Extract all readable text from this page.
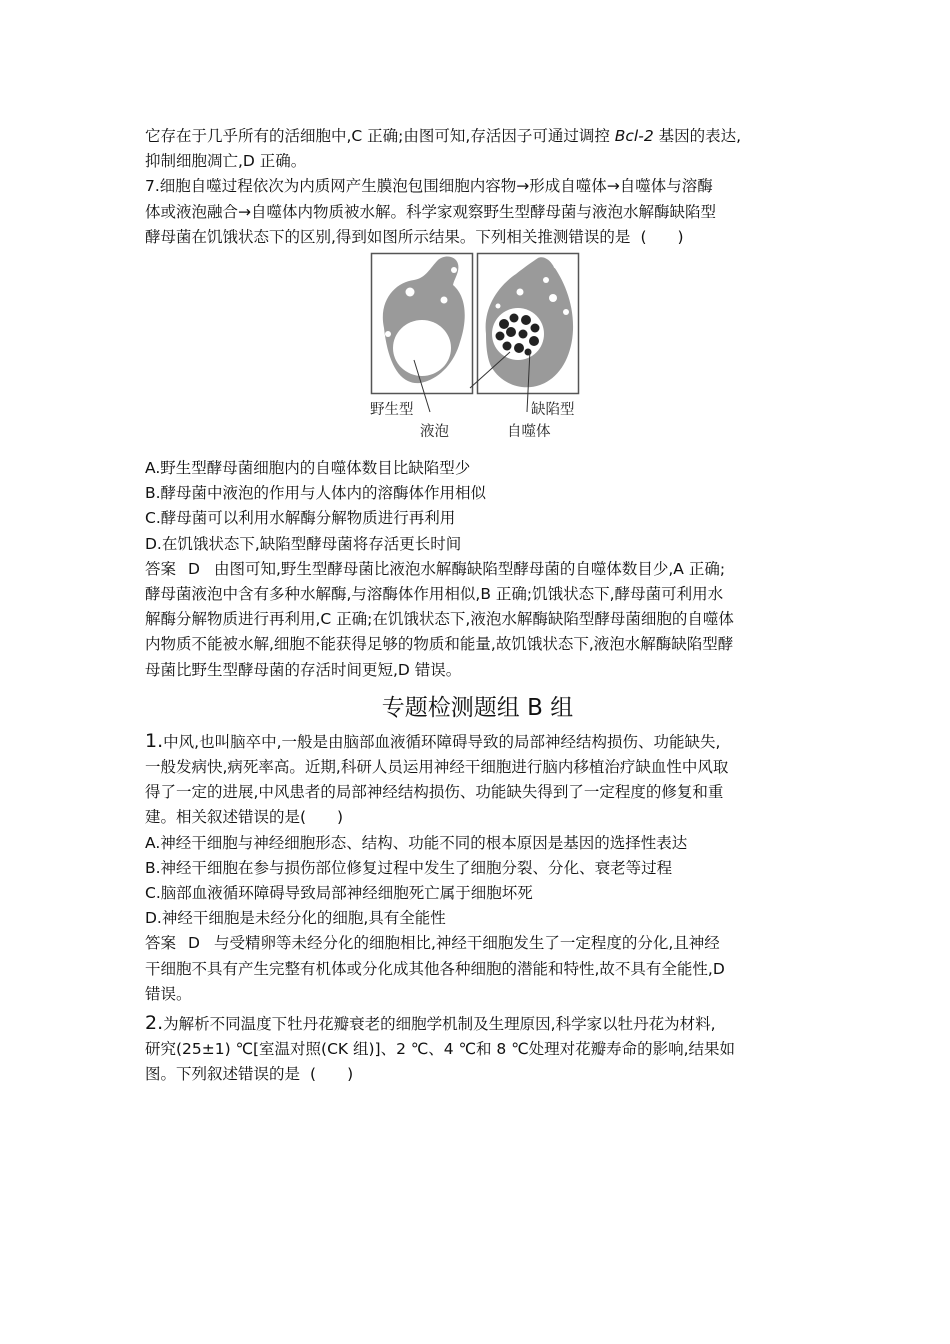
它存在于几乎所有的活细胞中,C 正确;由图可知,存活因子可通过调控 Bcl-2 基因的表达,

抑制细胞凋亡,D 正确。

7.细胞自噬过程依次为内质网产生膜泡包围细胞内容物→形成自噬体→自噬体与溶酶

体或液泡融合→自噬体内物质被水解。科学家观察野生型酵母菌与液泡水解酶缺陷型

酵母菌在饥饿状态下的区别,得到如图所示结果。下列相关推测错误的是 (　　)

野生型	缺陷型
液泡	自噬体

A.野生型酵母菌细胞内的自噬体数目比缺陷型少

B.酵母菌中液泡的作用与人体内的溶酶体作用相似

C.酵母菌可以利用水解酶分解物质进行再利用

D.在饥饿状态下,缺陷型酵母菌将存活更长时间

答案 D 由图可知,野生型酵母菌比液泡水解酶缺陷型酵母菌的自噬体数目少,A 正确;

酵母菌液泡中含有多种水解酶,与溶酶体作用相似,B 正确;饥饿状态下,酵母菌可利用水

解酶分解物质进行再利用,C 正确;在饥饿状态下,液泡水解酶缺陷型酵母菌细胞的自噬体

内物质不能被水解,细胞不能获得足够的物质和能量,故饥饿状态下,液泡水解酶缺陷型酵

母菌比野生型酵母菌的存活时间更短,D 错误。

专题检测题组 B 组

1.中风,也叫脑卒中,一般是由脑部血液循环障碍导致的局部神经结构损伤、功能缺失,

一般发病快,病死率高。近期,科研人员运用神经干细胞进行脑内移植治疗缺血性中风取

得了一定的进展,中风患者的局部神经结构损伤、功能缺失得到了一定程度的修复和重

建。相关叙述错误的是(　　)

A.神经干细胞与神经细胞形态、结构、功能不同的根本原因是基因的选择性表达

B.神经干细胞在参与损伤部位修复过程中发生了细胞分裂、分化、衰老等过程

C.脑部血液循环障碍导致局部神经细胞死亡属于细胞坏死

D.神经干细胞是未经分化的细胞,具有全能性

答案 D 与受精卵等未经分化的细胞相比,神经干细胞发生了一定程度的分化,且神经

干细胞不具有产生完整有机体或分化成其他各种细胞的潜能和特性,故不具有全能性,D

错误。

2.为解析不同温度下牡丹花瓣衰老的细胞学机制及生理原因,科学家以牡丹花为材料,

研究(25±1) ℃[室温对照(CK 组)]、2 ℃、4 ℃和 8 ℃处理对花瓣寿命的影响,结果如

图。下列叙述错误的是 (　　)
